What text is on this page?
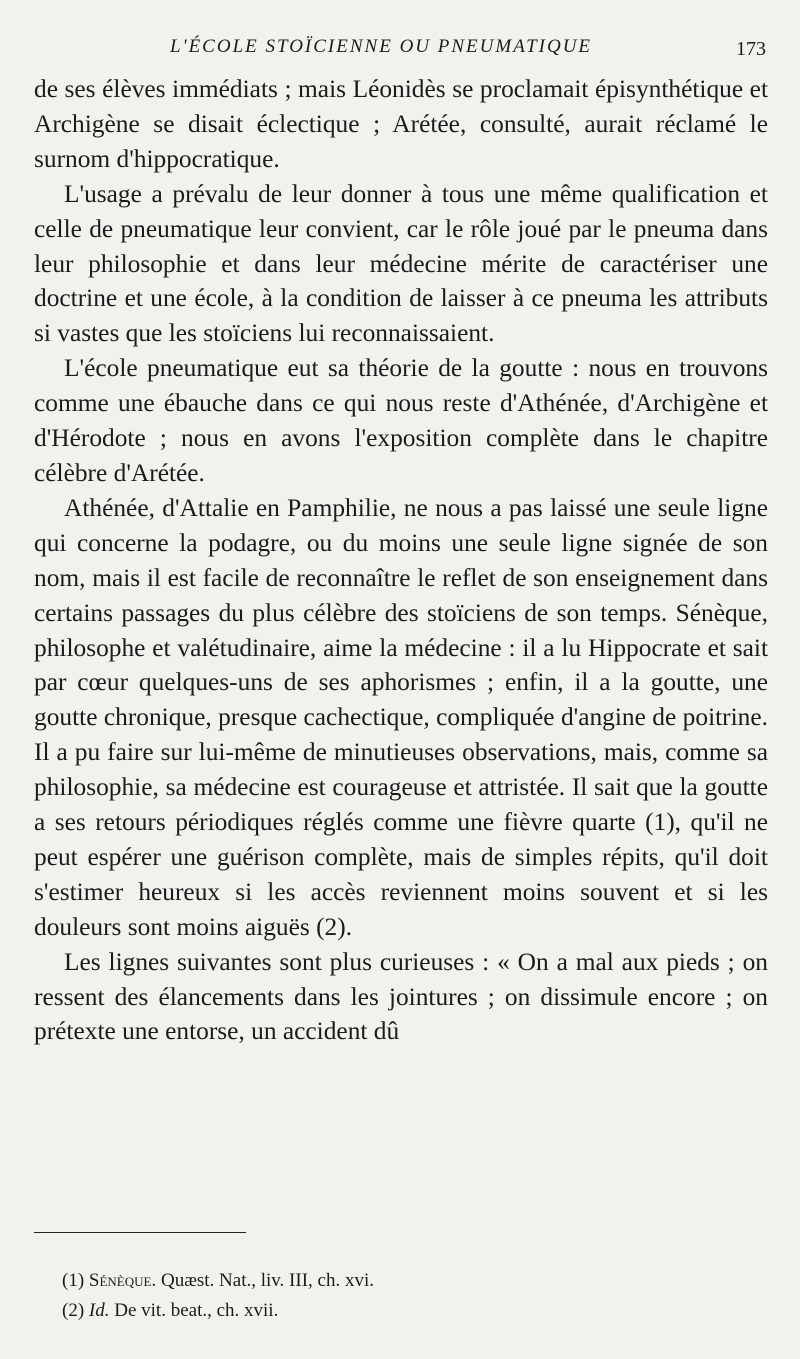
L'ÉCOLE STOÏCIENNE OU PNEUMATIQUE	173

de ses élèves immédiats ; mais Léonidès se proclamait épisynthétique et Archigène se disait éclectique ; Arétée, consulté, aurait réclamé le surnom d'hippocratique.

L'usage a prévalu de leur donner à tous une même qualification et celle de pneumatique leur convient, car le rôle joué par le pneuma dans leur philosophie et dans leur médecine mérite de caractériser une doctrine et une école, à la condition de laisser à ce pneuma les attributs si vastes que les stoïciens lui reconnaissaient.

L'école pneumatique eut sa théorie de la goutte : nous en trouvons comme une ébauche dans ce qui nous reste d'Athénée, d'Archigène et d'Hérodote ; nous en avons l'exposition complète dans le chapitre célèbre d'Arétée.

Athénée, d'Attalie en Pamphilie, ne nous a pas laissé une seule ligne qui concerne la podagre, ou du moins une seule ligne signée de son nom, mais il est facile de reconnaître le reflet de son enseignement dans certains passages du plus célèbre des stoïciens de son temps. Sénèque, philosophe et valétudinaire, aime la médecine : il a lu Hippocrate et sait par cœur quelques-uns de ses aphorismes ; enfin, il a la goutte, une goutte chronique, presque cachectique, compliquée d'angine de poitrine. Il a pu faire sur lui-même de minutieuses observations, mais, comme sa philosophie, sa médecine est courageuse et attristée. Il sait que la goutte a ses retours périodiques réglés comme une fièvre quarte (1), qu'il ne peut espérer une guérison complète, mais de simples répits, qu'il doit s'estimer heureux si les accès reviennent moins souvent et si les douleurs sont moins aiguës (2).

Les lignes suivantes sont plus curieuses : « On a mal aux pieds ; on ressent des élancements dans les jointures ; on dissimule encore ; on prétexte une entorse, un accident dû

(1) Sénèque. Quæst. Nat., liv. III, ch. xvi.
(2) Id. De vit. beat., ch. xvii.
